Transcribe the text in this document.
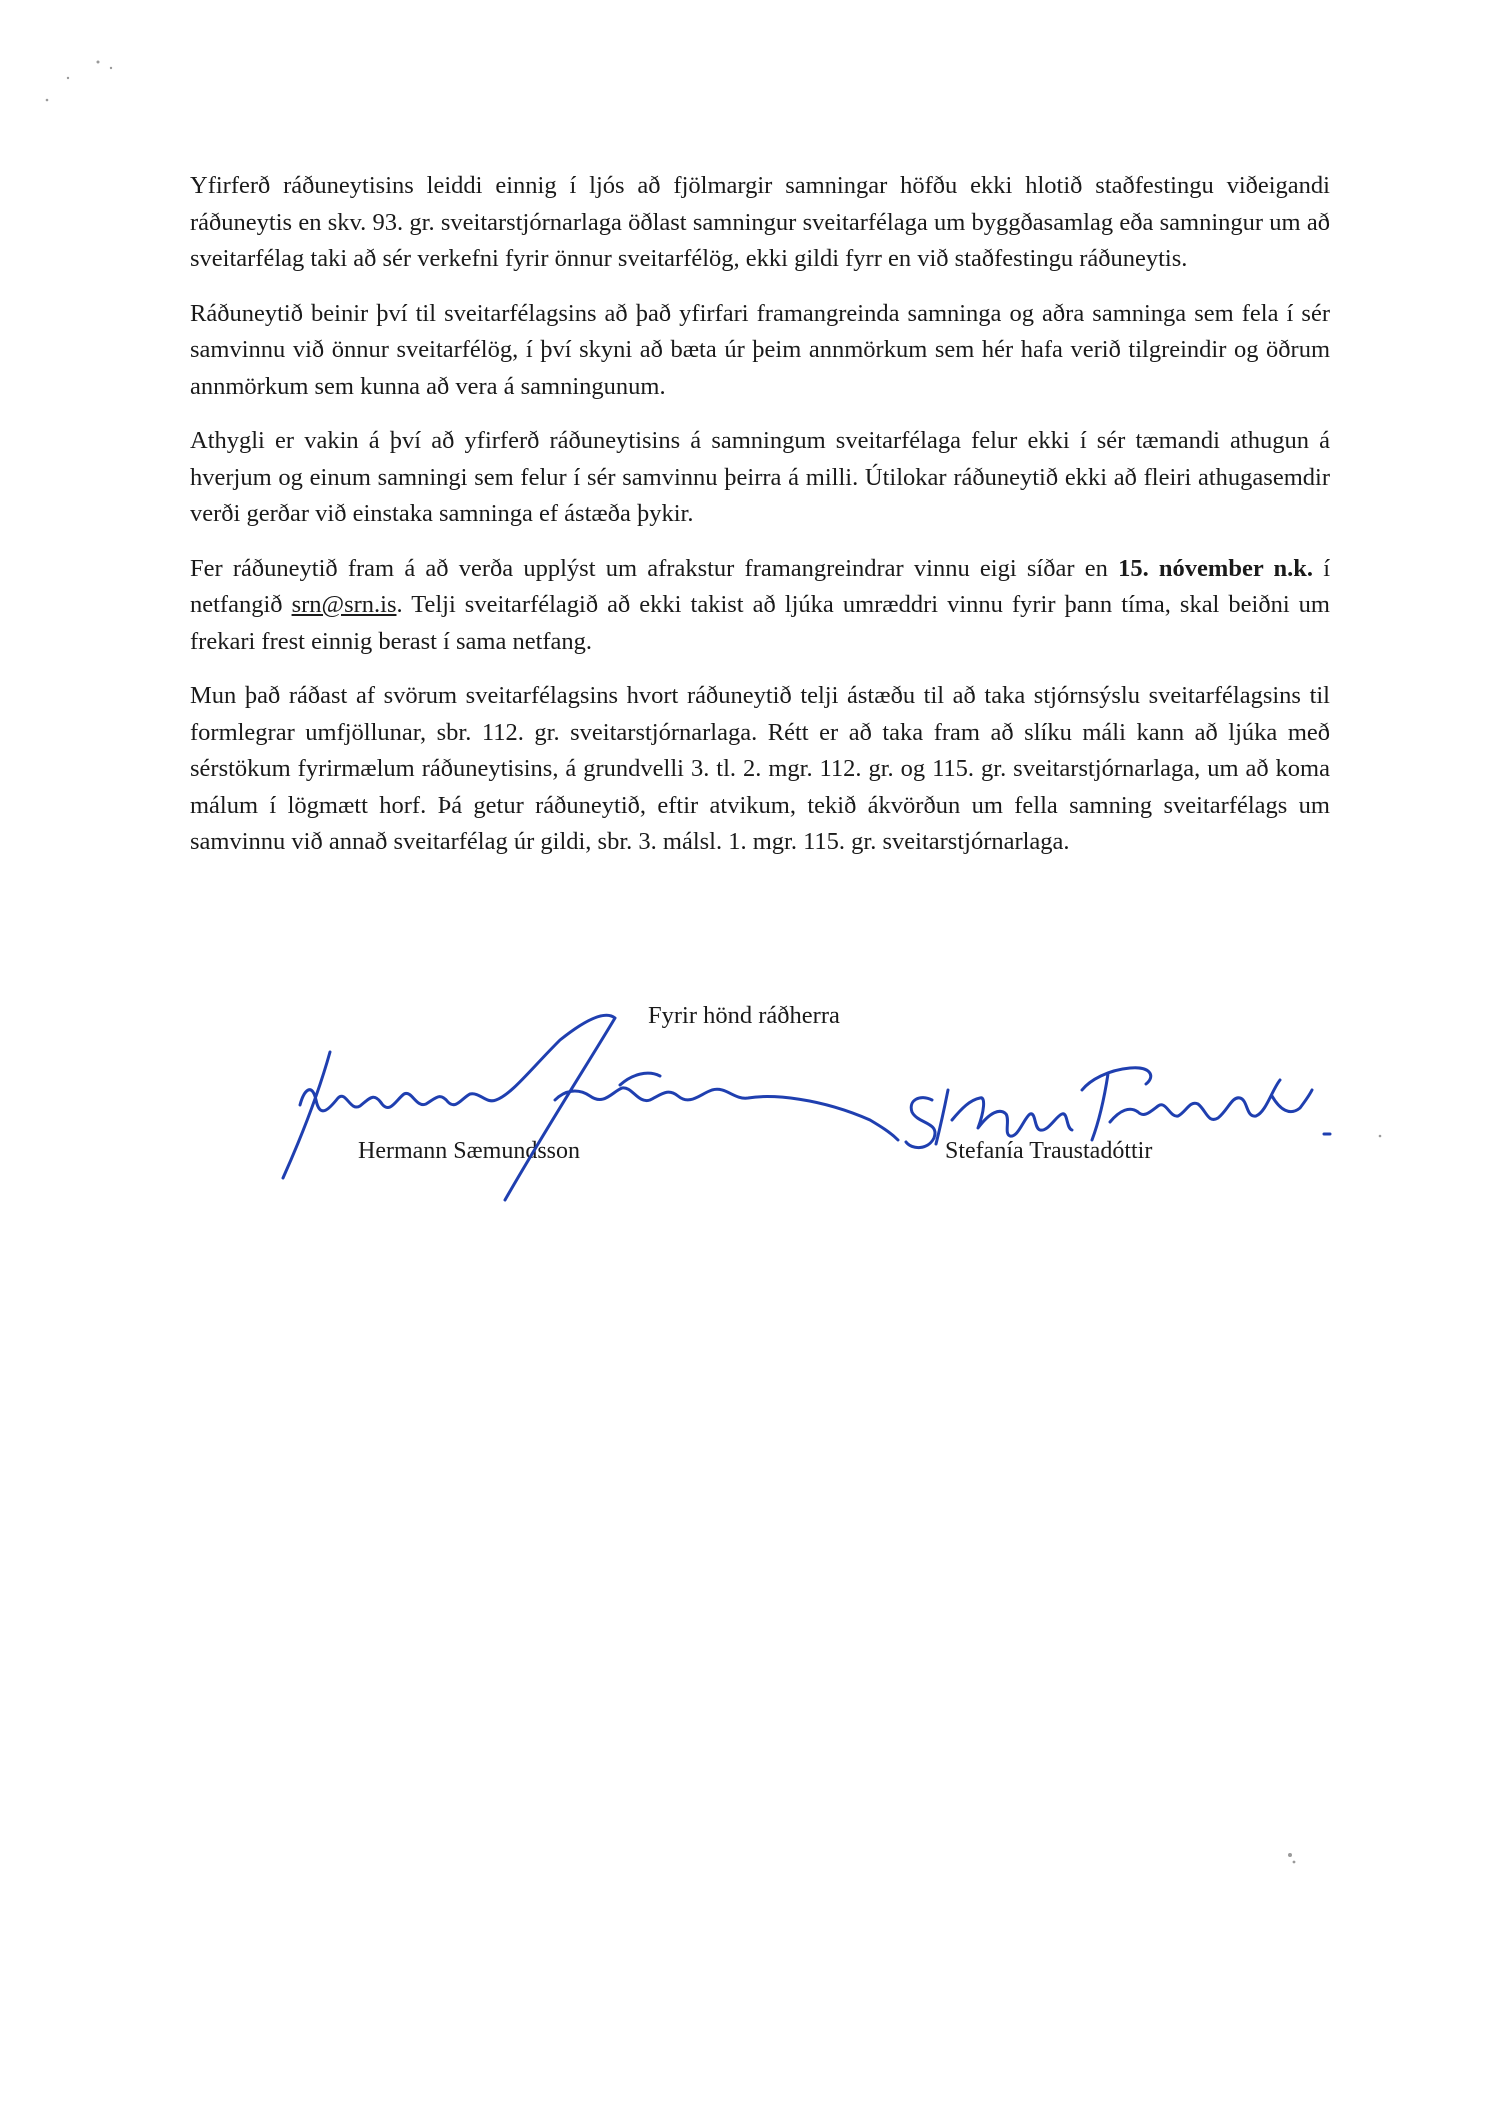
Yfirferð ráðuneytisins leiddi einnig í ljós að fjölmargir samningar höfðu ekki hlotið staðfestingu viðeigandi ráðuneytis en skv. 93. gr. sveitarstjórnarlaga öðlast samningur sveitarfélaga um byggðasamlag eða samningur um að sveitarfélag taki að sér verkefni fyrir önnur sveitarfélög, ekki gildi fyrr en við staðfestingu ráðuneytis.

Ráðuneytið beinir því til sveitarfélagsins að það yfirfari framangreinda samninga og aðra samninga sem fela í sér samvinnu við önnur sveitarfélög, í því skyni að bæta úr þeim annmörkum sem hér hafa verið tilgreindir og öðrum annmörkum sem kunna að vera á samningunum.

Athygli er vakin á því að yfirferð ráðuneytisins á samningum sveitarfélaga felur ekki í sér tæmandi athugun á hverjum og einum samningi sem felur í sér samvinnu þeirra á milli. Útilokar ráðuneytið ekki að fleiri athugasemdir verði gerðar við einstaka samninga ef ástæða þykir.

Fer ráðuneytið fram á að verða upplýst um afrakstur framangreindrar vinnu eigi síðar en 15. nóvember n.k. í netfangið srn@srn.is. Telji sveitarfélagið að ekki takist að ljúka umræddri vinnu fyrir þann tíma, skal beiðni um frekari frest einnig berast í sama netfang.

Mun það ráðast af svörum sveitarfélagsins hvort ráðuneytið telji ástæðu til að taka stjórnsýslu sveitarfélagsins til formlegrar umfjöllunar, sbr. 112. gr. sveitarstjórnarlaga. Rétt er að taka fram að slíku máli kann að ljúka með sérstökum fyrirmælum ráðuneytisins, á grundvelli 3. tl. 2. mgr. 112. gr. og 115. gr. sveitarstjórnarlaga, um að koma málum í lögmætt horf. Þá getur ráðuneytið, eftir atvikum, tekið ákvörðun um fella samning sveitarfélags um samvinnu við annað sveitarfélag úr gildi, sbr. 3. málsl. 1. mgr. 115. gr. sveitarstjórnarlaga.

Fyrir hönd ráðherra
Hermann Sæmundsson	Stefanía Traustadóttir
